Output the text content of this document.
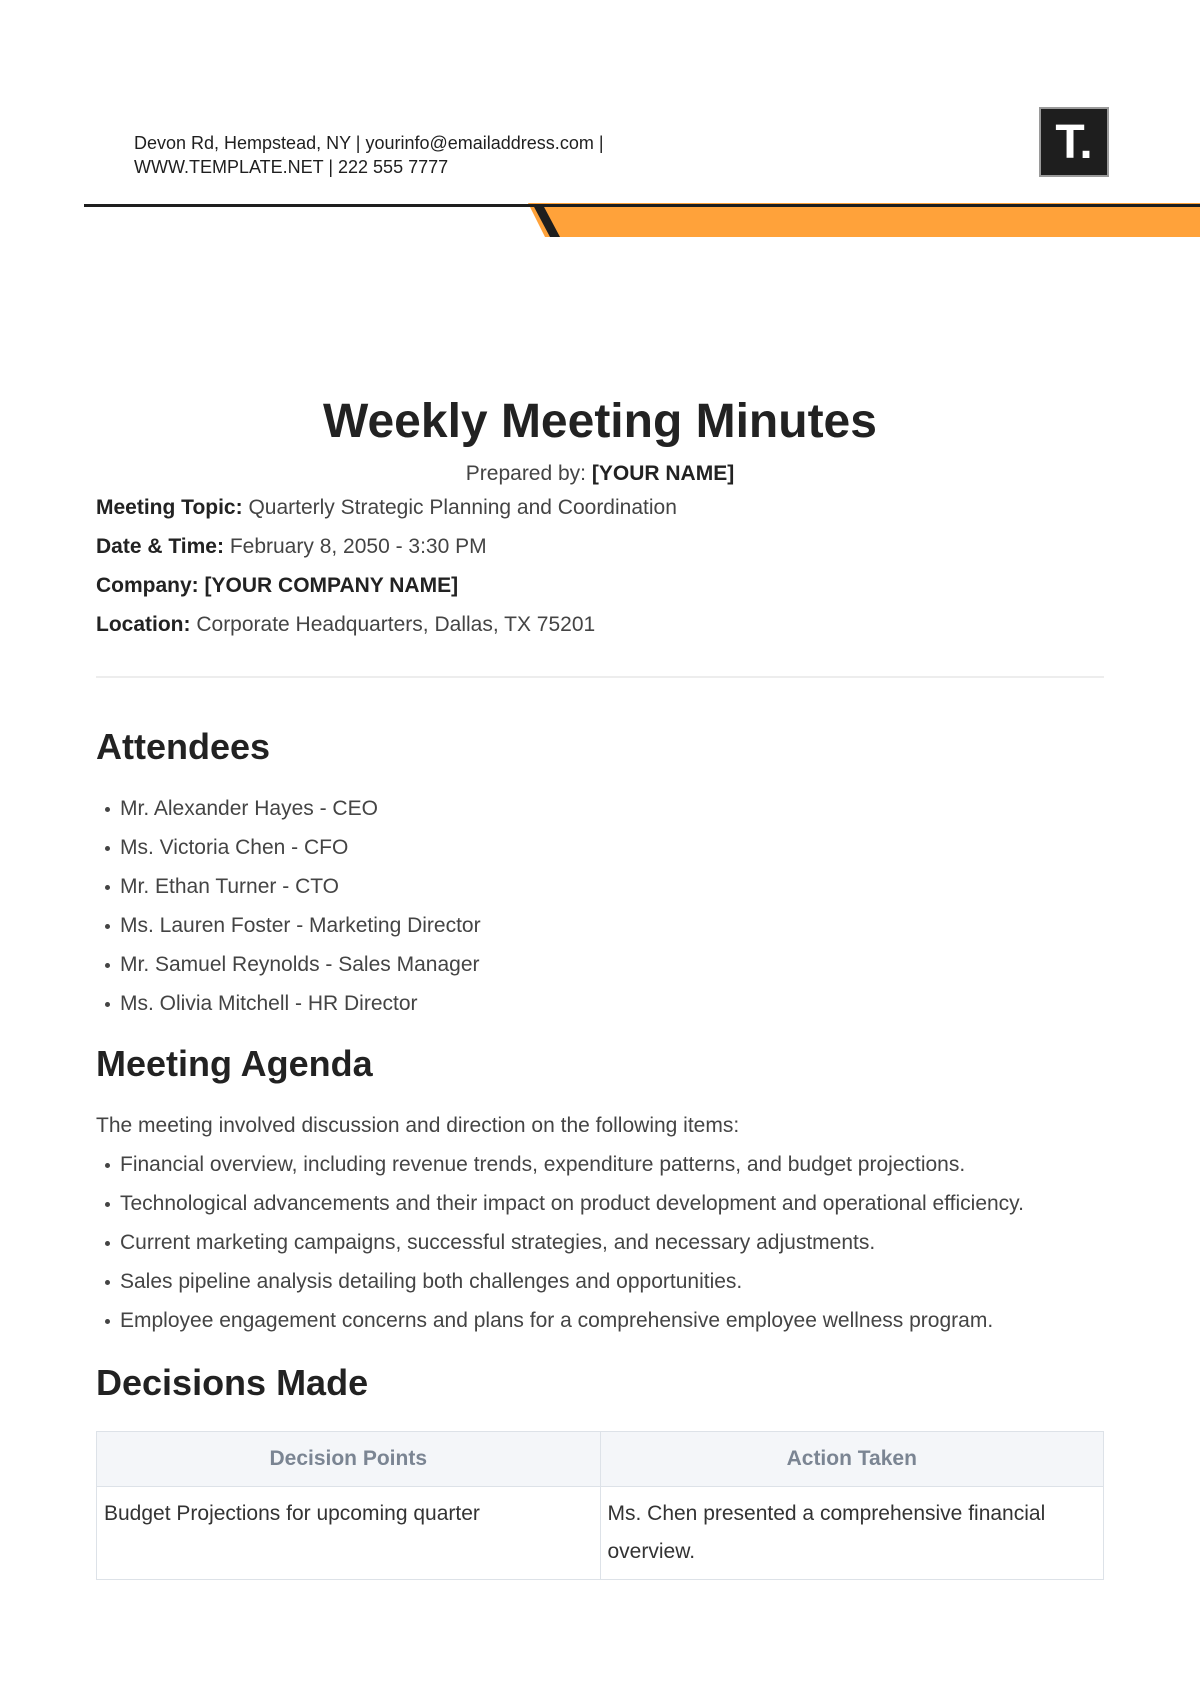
Devon Rd, Hempstead, NY | yourinfo@emailaddress.com |
WWW.TEMPLATE.NET | 222 555 7777	T.
Weekly Meeting Minutes
Prepared by: [YOUR NAME]

Meeting Topic: Quarterly Strategic Planning and Coordination

Date & Time: February 8, 2050 - 3:30 PM

Company: [YOUR COMPANY NAME]

Location: Corporate Headquarters, Dallas, TX 75201

Attendees
Mr. Alexander Hayes - CEO
Ms. Victoria Chen - CFO
Mr. Ethan Turner - CTO
Ms. Lauren Foster - Marketing Director
Mr. Samuel Reynolds - Sales Manager
Ms. Olivia Mitchell - HR Director
Meeting Agenda
The meeting involved discussion and direction on the following items:
Financial overview, including revenue trends, expenditure patterns, and budget projections.
Technological advancements and their impact on product development and operational efficiency.
Current marketing campaigns, successful strategies, and necessary adjustments.
Sales pipeline analysis detailing both challenges and opportunities.
Employee engagement concerns and plans for a comprehensive employee wellness program.
Decisions Made
Decision Points	Action Taken
Budget Projections for upcoming quarter	Ms. Chen presented a comprehensive financial overview.
